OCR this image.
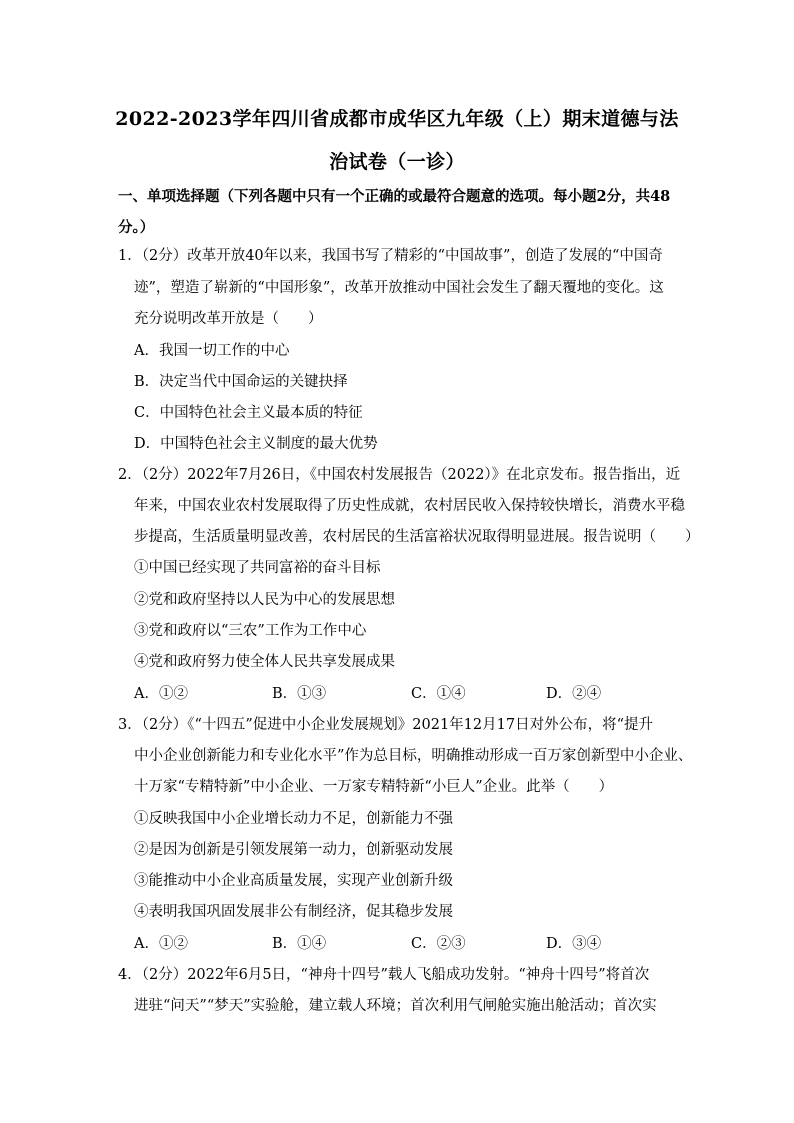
2022-2023学年四川省成都市成华区九年级（上）期末道德与法
治试卷（一诊）
一、单项选择题（下列各题中只有一个正确的或最符合题意的选项。每小题2分，共48分。）
1．（2分）改革开放40年以来，我国书写了精彩的“中国故事”，创造了发展的“中国奇
迹”，塑造了崭新的“中国形象”，改革开放推动中国社会发生了翻天覆地的变化。这
充分说明改革开放是（　　）
A．我国一切工作的中心
B．决定当代中国命运的关键抉择
C．中国特色社会主义最本质的特征
D．中国特色社会主义制度的最大优势
2．（2分）2022年7月26日，《中国农村发展报告（2022）》在北京发布。报告指出，近
年来，中国农业农村发展取得了历史性成就，农村居民收入保持较快增长，消费水平稳
步提高，生活质量明显改善，农村居民的生活富裕状况取得明显进展。报告说明（　　）
①中国已经实现了共同富裕的奋斗目标
②党和政府坚持以人民为中心的发展思想
③党和政府以“三农”工作为工作中心
④党和政府努力使全体人民共享发展成果
A．①②	B．①③	C．①④	D．②④
3．（2分）《“十四五”促进中小企业发展规划》2021年12月17日对外公布，将“提升
中小企业创新能力和专业化水平”作为总目标，明确推动形成一百万家创新型中小企业、
十万家“专精特新”中小企业、一万家专精特新“小巨人”企业。此举（　　）
①反映我国中小企业增长动力不足，创新能力不强
②是因为创新是引领发展第一动力，创新驱动发展
③能推动中小企业高质量发展，实现产业创新升级
④表明我国巩固发展非公有制经济，促其稳步发展
A．①②	B．①④	C．②③	D．③④
4．（2分）2022年6月5日，“神舟十四号”载人飞船成功发射。“神舟十四号”将首次
进驻“问天”“梦天”实验舱，建立载人环境；首次利用气闸舱实施出舱活动；首次实
